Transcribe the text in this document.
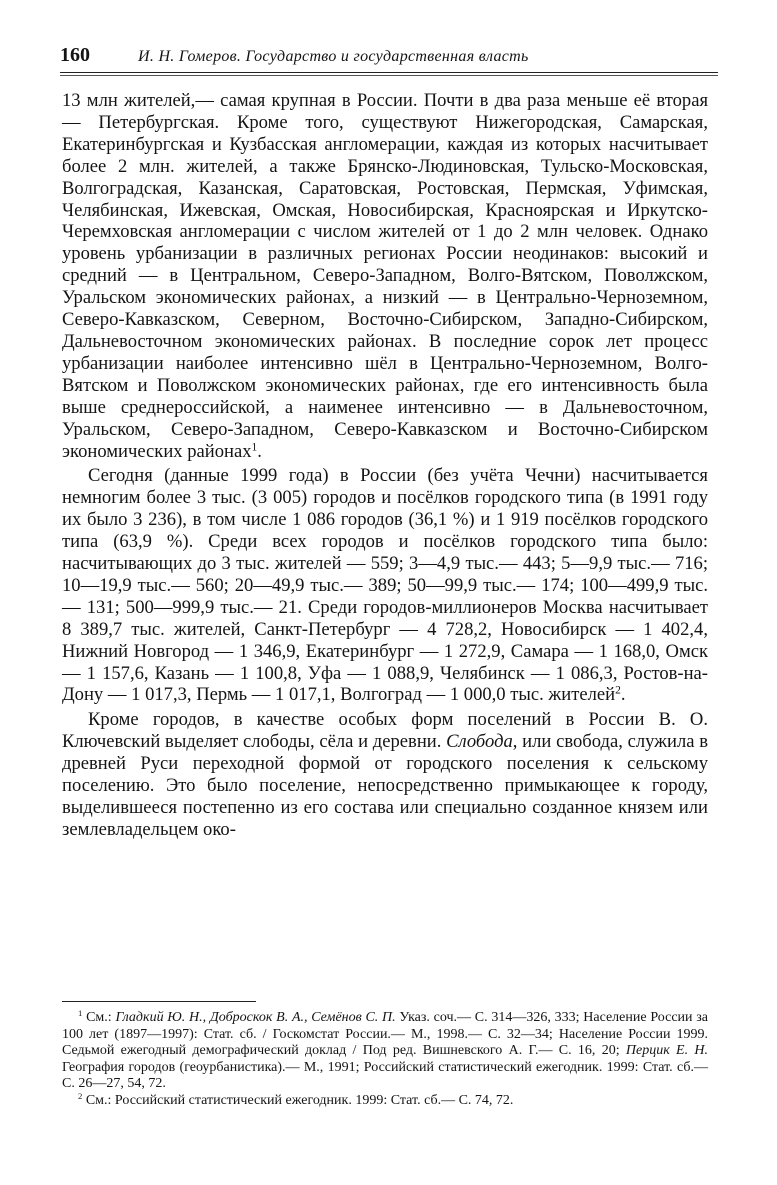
160	И. Н. Гомеров. Государство и государственная власть

13 млн жителей,— самая крупная в России. Почти в два раза меньше её вторая — Петербургская. Кроме того, существуют Нижегородская, Самарская, Екатеринбургская и Кузбасская англомерации, каждая из которых насчитывает более 2 млн. жителей, а также Брянско-Людиновская, Тульско-Московская, Волгоградская, Казанская, Саратовская, Ростовская, Пермская, Уфимская, Челябинская, Ижевская, Омская, Новосибирская, Красноярская и Иркутско-Черемховская англомерации с числом жителей от 1 до 2 млн человек. Однако уровень урбанизации в различных регионах России неодинаков: высокий и средний — в Центральном, Северо-Западном, Волго-Вятском, Поволжском, Уральском экономических районах, а низкий — в Центрально-Черноземном, Северо-Кавказском, Северном, Восточно-Сибирском, Западно-Сибирском, Дальневосточном экономических районах. В последние сорок лет процесс урбанизации наиболее интенсивно шёл в Центрально-Черноземном, Волго-Вятском и Поволжском экономических районах, где его интенсивность была выше среднероссийской, а наименее интенсивно — в Дальневосточном, Уральском, Северо-Западном, Северо-Кавказском и Восточно-Сибирском экономических районах$^1$.

Сегодня (данные 1999 года) в России (без учёта Чечни) насчитывается немногим более 3 тыс. (3 005) городов и посёлков городского типа (в 1991 году их было 3 236), в том числе 1 086 городов (36,1 %) и 1 919 посёлков городского типа (63,9 %). Среди всех городов и посёлков городского типа было: насчитывающих до 3 тыс. жителей — 559; 3—4,9 тыс.— 443; 5—9,9 тыс.— 716; 10—19,9 тыс.— 560; 20—49,9 тыс.— 389; 50—99,9 тыс.— 174; 100—499,9 тыс.— 131; 500—999,9 тыс.— 21. Среди городов-миллионеров Москва насчитывает 8 389,7 тыс. жителей, Санкт-Петербург — 4 728,2, Новосибирск — 1 402,4, Нижний Новгород — 1 346,9, Екатеринбург — 1 272,9, Самара — 1 168,0, Омск — 1 157,6, Казань — 1 100,8, Уфа — 1 088,9, Челябинск — 1 086,3, Ростов-на-Дону — 1 017,3, Пермь — 1 017,1, Волгоград — 1 000,0 тыс. жителей$^2$.

Кроме городов, в качестве особых форм поселений в России В. О. Ключевский выделяет слободы, сёла и деревни. Слобода, или свобода, служила в древней Руси переходной формой от городского поселения к сельскому поселению. Это было поселение, непосредственно примыкающее к городу, выделившееся постепенно из его состава или специально созданное князем или землевладельцем око-

$^1$ См.: Гладкий Ю. Н., Доброскок В. А., Семёнов С. П. Указ. соч.— С. 314—326, 333; Население России за 100 лет (1897—1997): Стат. сб. / Госкомстат России.— М., 1998.— С. 32—34; Население России 1999. Седьмой ежегодный демографический доклад / Под ред. Вишневского А. Г.— С. 16, 20; Перцик Е. Н. География городов (геоурбанистика).— М., 1991; Российский статистический ежегодник. 1999: Стат. сб.— С. 26—27, 54, 72.

$^2$ См.: Российский статистический ежегодник. 1999: Стат. сб.— С. 74, 72.
